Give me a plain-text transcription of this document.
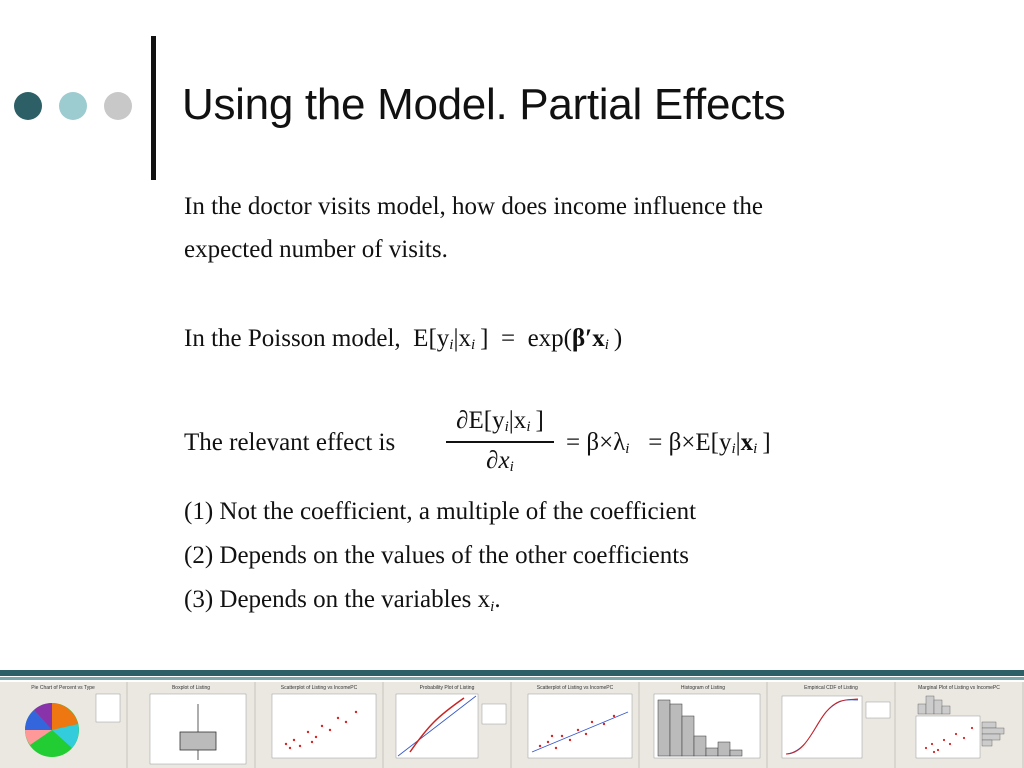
Using the Model. Partial Effects
In the doctor visits model, how does income influence the
expected number of visits.
In the Poisson model,  E[yi|xi ]  =  exp(β′xi )
The relevant effect is
∂E[yi|xi ]
∂xi
= β×λi   = β×E[yi|xi ]
(1) Not the coefficient, a multiple of the coefficient
(2) Depends on the values of the other coefficients
(3) Depends on the variables xi.
Pie Chart of Percent vs Type	Boxplot of Listing	Scatterplot of Listing vs IncomePC	Probability Plot of Listing	Scatterplot of Listing vs IncomePC	Histogram of Listing	Empirical CDF of Listing	Marginal Plot of Listing vs IncomePC
